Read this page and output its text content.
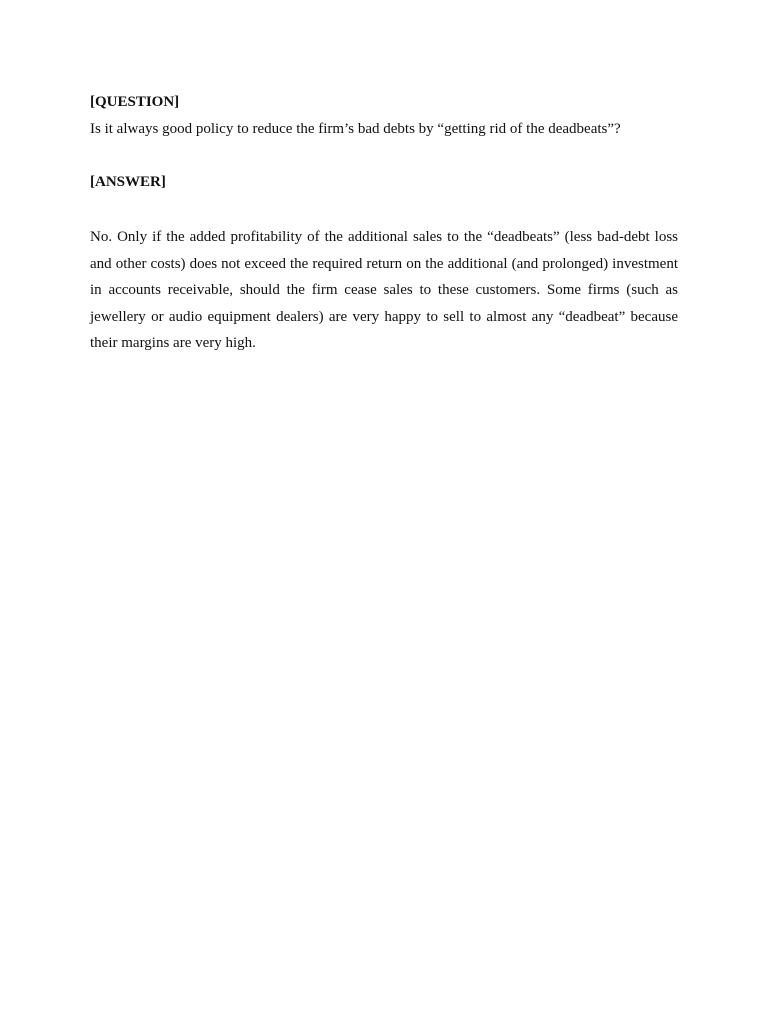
[QUESTION]

Is it always good policy to reduce the firm’s bad debts by “getting rid of the deadbeats”?

[ANSWER]

No. Only if the added profitability of the additional sales to the “deadbeats” (less bad-debt loss and other costs) does not exceed the required return on the additional (and prolonged) investment in accounts receivable, should the firm cease sales to these customers. Some firms (such as jewellery or audio equipment dealers) are very happy to sell to almost any “deadbeat” because their margins are very high.
